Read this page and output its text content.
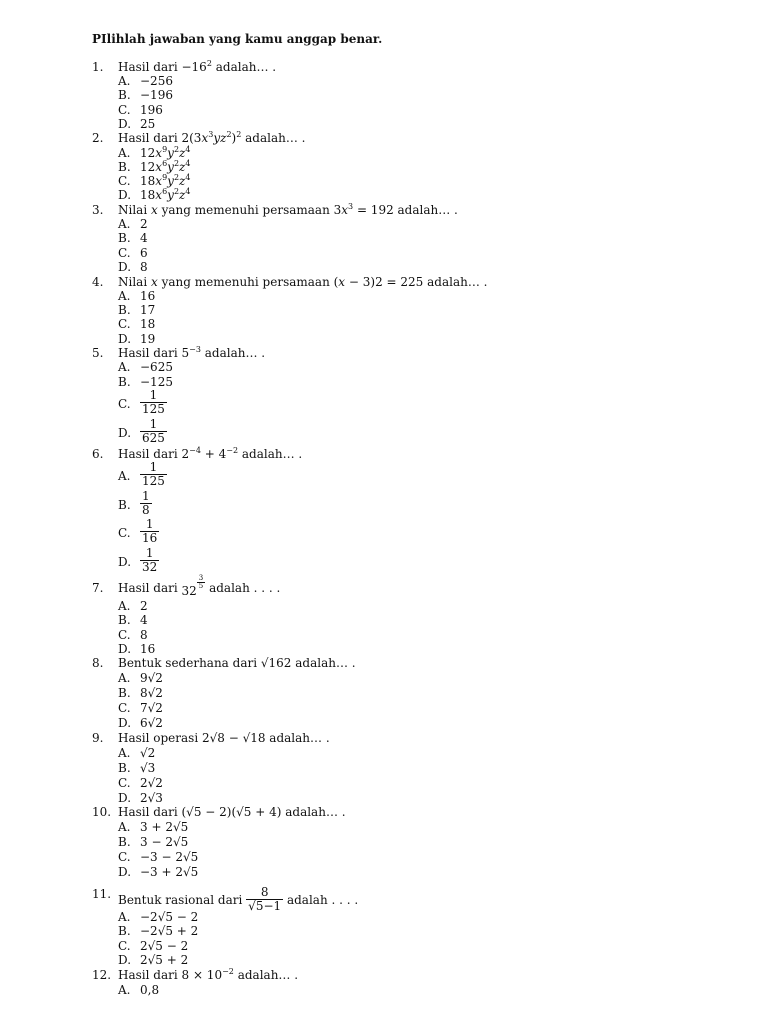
PIlihlah jawaban yang kamu anggap benar.
1. Hasil dari $-16^2$ adalah… .
A. −256
B. −196
C. 196
D. 25
2. Hasil dari $2(3x^3yz^2)^2$ adalah… .
A. $12x^9y^2z^4$
B. $12x^6y^2z^4$
C. $18x^9y^2z^4$
D. $18x^6y^2z^4$
3. Nilai x yang memenuhi persamaan $3x^3 = 192$ adalah… .
A. 2
B. 4
C. 6
D. 8
4. Nilai x yang memenuhi persamaan (x − 3)2 = 225 adalah… .
A. 16
B. 17
C. 18
D. 19
5. Hasil dari $5^{-3}$ adalah… .
A. −625
B. −125
C. $\frac{1}{125}$
D. $\frac{1}{625}$
6. Hasil dari $2^{-4} + 4^{-2}$ adalah… .
A. $\frac{1}{125}$
B. $\frac{1}{8}$
C. $\frac{1}{16}$
D. $\frac{1}{32}$
7. Hasil dari 32
$\frac{3}{5}$ adalah . . . .
A. 2
B. 4
C. 8
D. 16
8. Bentuk sederhana dari √162 adalah… .
A. 9√2
B. 8√2
C. 7√2
D. 6√2
9. Hasil operasi 2√8 − √18 adalah… .
A. √2
B. √3
C. 2√2
D. 2√3
10. Hasil dari (√5 − 2)(√5 + 4) adalah… .
A. 3 + 2√5
B. 3 − 2√5
C. −3 − 2√5
D. −3 + 2√5
11. Bentuk rasional dari $\frac{8}{√5-1}$ adalah . . . .
A. −2√5 − 2
B. −2√5 + 2
C. 2√5 − 2
D. 2√5 + 2
12. Hasil dari $8 \times 10^{-2}$ adalah… .
A. 0,8
